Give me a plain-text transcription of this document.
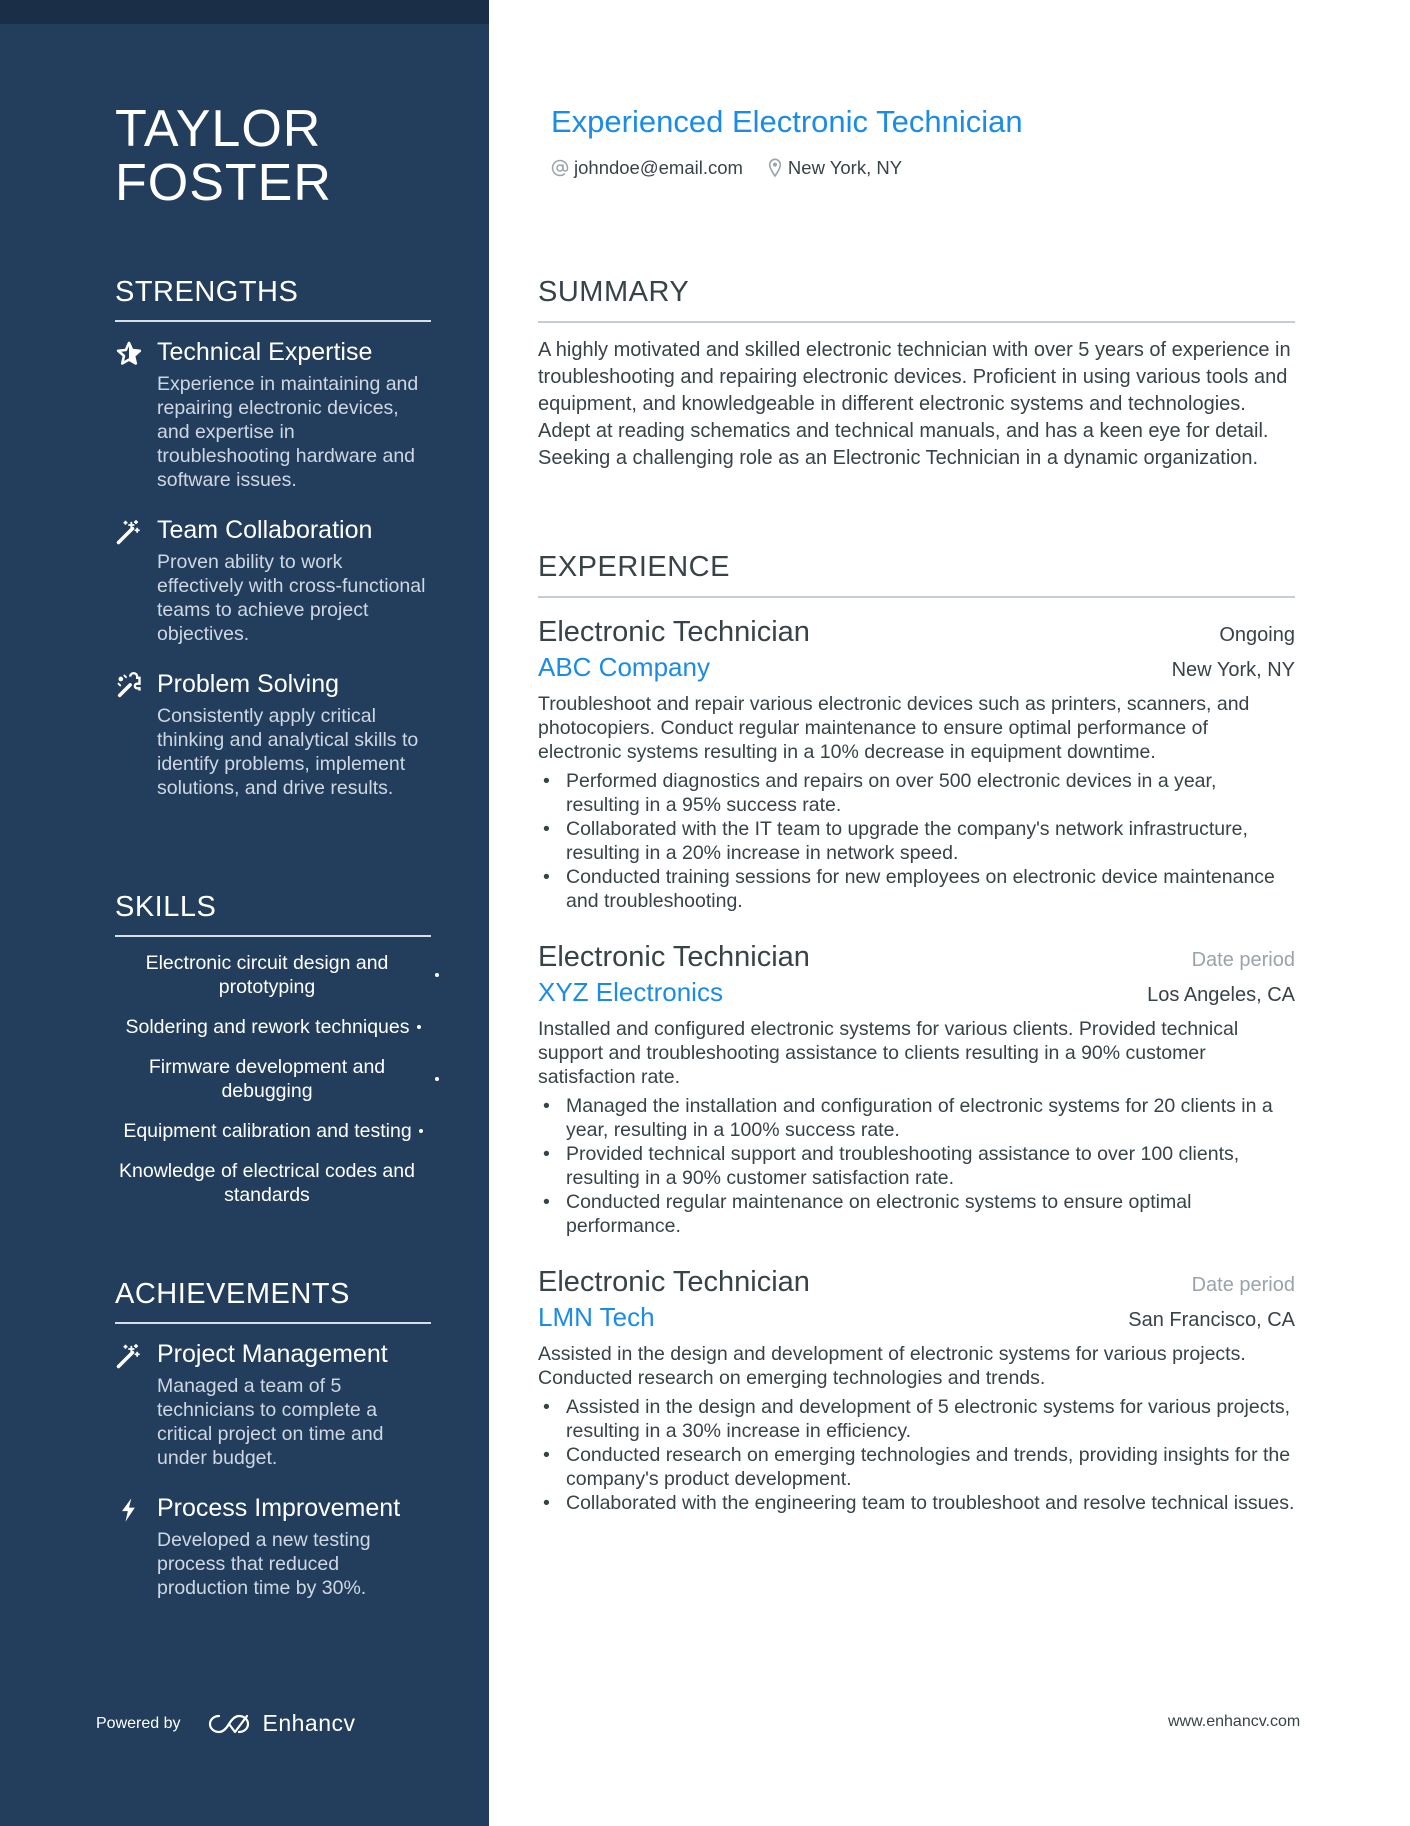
TAYLOR
FOSTER
STRENGTHS
Technical Expertise
Experience in maintaining and repairing electronic devices, and expertise in troubleshooting hardware and software issues.
Team Collaboration
Proven ability to work effectively with cross-functional teams to achieve project objectives.
Problem Solving
Consistently apply critical thinking and analytical skills to identify problems, implement solutions, and drive results.
SKILLS
Electronic circuit design and prototyping
Soldering and rework techniques
Firmware development and debugging
Equipment calibration and testing
Knowledge of electrical codes and standards
ACHIEVEMENTS
Project Management
Managed a team of 5 technicians to complete a critical project on time and under budget.
Process Improvement
Developed a new testing process that reduced production time by 30%.
Powered by	Enhancv
Experienced Electronic Technician
johndoe@email.com New York, NY
SUMMARY
A highly motivated and skilled electronic technician with over 5 years of experience in troubleshooting and repairing electronic devices. Proficient in using various tools and equipment, and knowledgeable in different electronic systems and technologies. Adept at reading schematics and technical manuals, and has a keen eye for detail. Seeking a challenging role as an Electronic Technician in a dynamic organization.
EXPERIENCE
Electronic Technician	Ongoing
ABC Company	New York, NY
Troubleshoot and repair various electronic devices such as printers, scanners, and photocopiers. Conduct regular maintenance to ensure optimal performance of electronic systems resulting in a 10% decrease in equipment downtime.
• Performed diagnostics and repairs on over 500 electronic devices in a year, resulting in a 95% success rate.
• Collaborated with the IT team to upgrade the company's network infrastructure, resulting in a 20% increase in network speed.
• Conducted training sessions for new employees on electronic device maintenance and troubleshooting.
Electronic Technician	Date period
XYZ Electronics	Los Angeles, CA
Installed and configured electronic systems for various clients. Provided technical support and troubleshooting assistance to clients resulting in a 90% customer satisfaction rate.
• Managed the installation and configuration of electronic systems for 20 clients in a year, resulting in a 100% success rate.
• Provided technical support and troubleshooting assistance to over 100 clients, resulting in a 90% customer satisfaction rate.
• Conducted regular maintenance on electronic systems to ensure optimal performance.
Electronic Technician	Date period
LMN Tech	San Francisco, CA
Assisted in the design and development of electronic systems for various projects. Conducted research on emerging technologies and trends.
• Assisted in the design and development of 5 electronic systems for various projects, resulting in a 30% increase in efficiency.
• Conducted research on emerging technologies and trends, providing insights for the company's product development.
• Collaborated with the engineering team to troubleshoot and resolve technical issues.
www.enhancv.com
